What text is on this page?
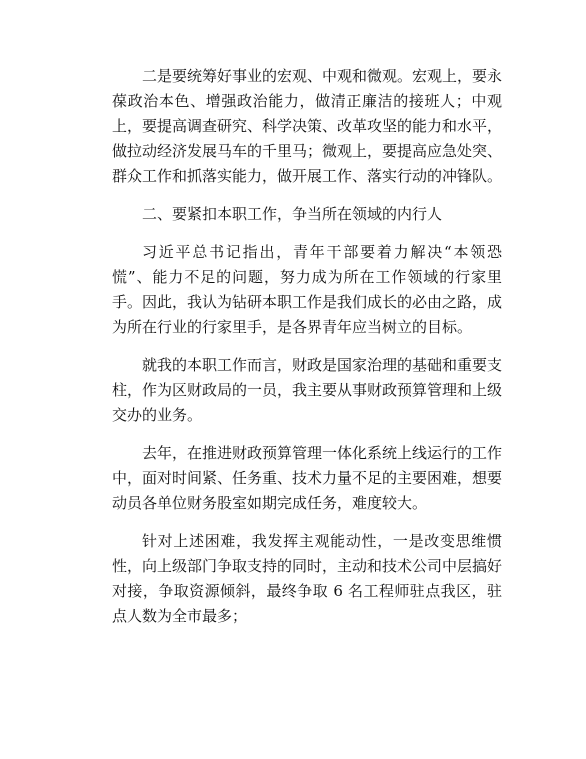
二是要统筹好事业的宏观、中观和微观。宏观上，要永葆政治本色、增强政治能力，做清正廉洁的接班人；中观上，要提高调查研究、科学决策、改革攻坚的能力和水平，做拉动经济发展马车的千里马；微观上，要提高应急处突、群众工作和抓落实能力，做开展工作、落实行动的冲锋队。

二、要紧扣本职工作，争当所在领域的内行人

习近平总书记指出，青年干部要着力解决“本领恐慌”、能力不足的问题，努力成为所在工作领域的行家里手。因此，我认为钻研本职工作是我们成长的必由之路，成为所在行业的行家里手，是各界青年应当树立的目标。

就我的本职工作而言，财政是国家治理的基础和重要支柱，作为区财政局的一员，我主要从事财政预算管理和上级交办的业务。

去年，在推进财政预算管理一体化系统上线运行的工作中，面对时间紧、任务重、技术力量不足的主要困难，想要动员各单位财务股室如期完成任务，难度较大。

针对上述困难，我发挥主观能动性，一是改变思维惯性，向上级部门争取支持的同时，主动和技术公司中层搞好对接，争取资源倾斜，最终争取 6 名工程师驻点我区，驻点人数为全市最多；
